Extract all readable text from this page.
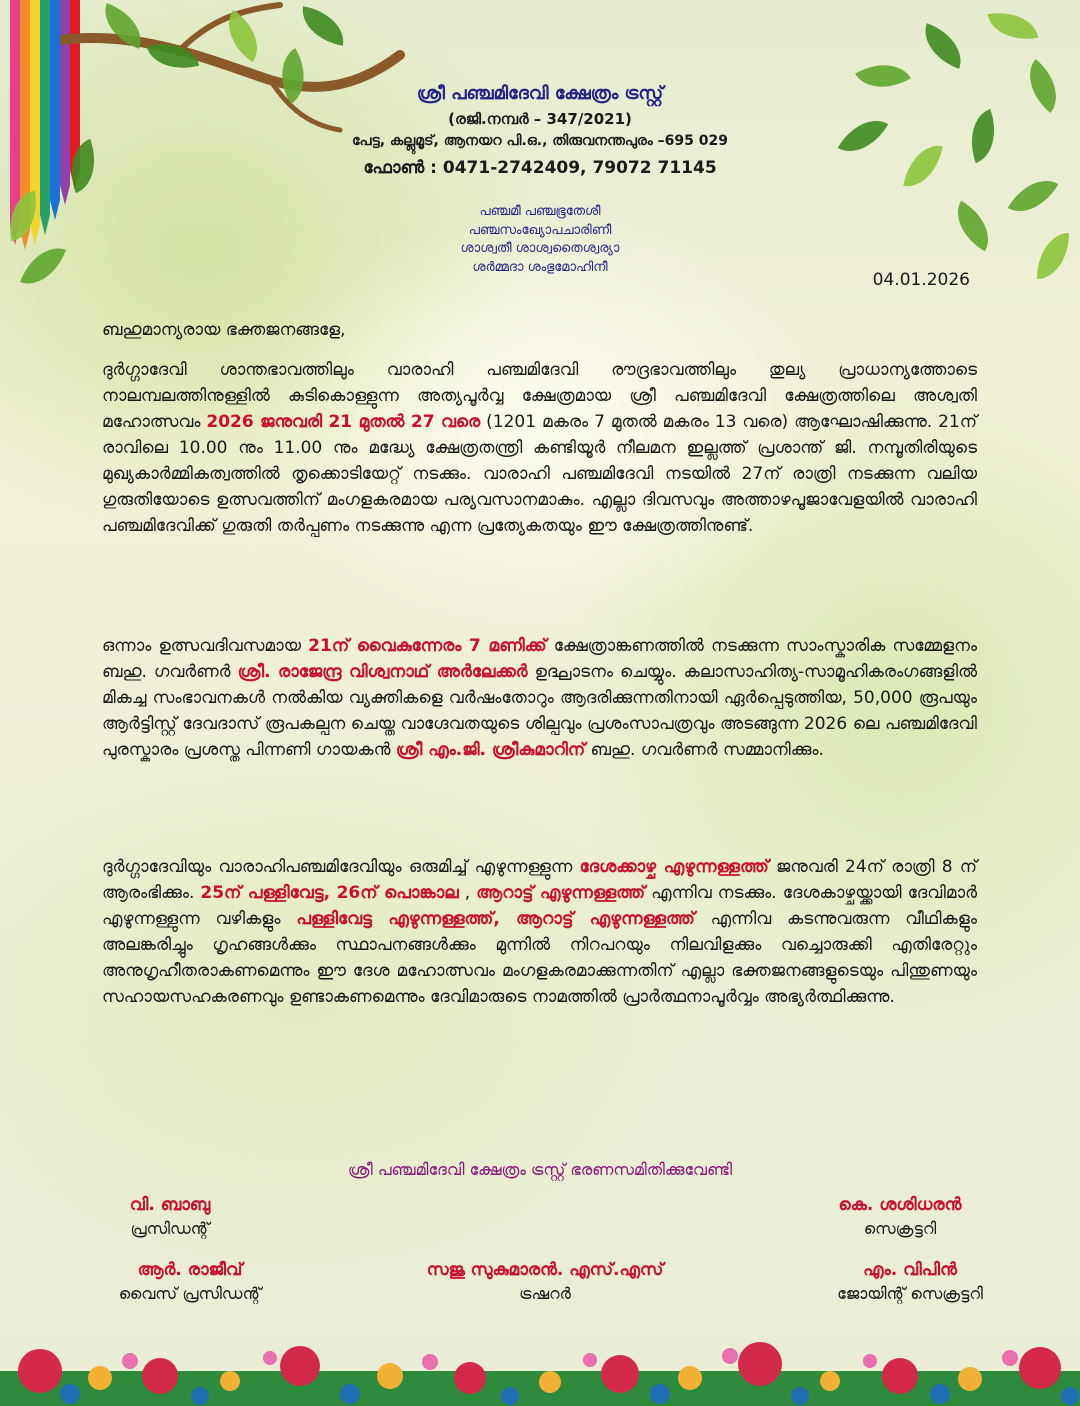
ശ്രീ പഞ്ചമിദേവി ക്ഷേത്രം ട്രസ്റ്റ്
(രജി.നമ്പർ – 347/2021)
പേട്ട, കല്ലുമൂട്, ആനയറ പി.ഒ., തിരുവനന്തപുരം –695 029
ഫോൺ : 0471-2742409, 79072 71145
പഞ്ചമീ പഞ്ചഭൂതേശീ
പഞ്ചസംഖ്യോപചാരിണീ
ശാശ്വതീ ശാശ്വതൈശ്വര്യാ
ശർമ്മദാ ശംഭുമോഹിനീ
04.01.2026
ബഹുമാന്യരായ ഭക്തജനങ്ങളേ,

ദുർഗ്ഗാദേവി ശാന്തഭാവത്തിലും വാരാഹി പഞ്ചമിദേവി രൗദ്രഭാവത്തിലും തുല്യ പ്രാധാന്യത്തോടെ നാലമ്പലത്തിനുള്ളിൽ കുടികൊള്ളുന്ന അത്യപൂർവ്വ ക്ഷേത്രമായ ശ്രീ പഞ്ചമിദേവി ക്ഷേത്രത്തിലെ അശ്വതി മഹോത്സവം 2026 ജനുവരി 21 മുതൽ 27 വരെ (1201 മകരം 7 മുതൽ മകരം 13 വരെ) ആഘോഷിക്കുന്നു. 21ന് രാവിലെ 10.00 നും 11.00 നും മദ്ധ്യേ ക്ഷേത്രതന്ത്രി കണ്ടിയൂർ നീലമന ഇല്ലത്ത് പ്രശാന്ത് ജി. നമ്പൂതിരിയുടെ മുഖ്യകാർമ്മികത്വത്തിൽ തൃക്കൊടിയേറ്റ് നടക്കും. വാരാഹി പഞ്ചമിദേവി നടയിൽ 27ന് രാത്രി നടക്കുന്ന വലിയ ഗുരുതിയോടെ ഉത്സവത്തിന് മംഗളകരമായ പര്യവസാനമാകും. എല്ലാ ദിവസവും അത്താഴപൂജാവേളയിൽ വാരാഹി പഞ്ചമിദേവിക്ക് ഗുരുതി തർപ്പണം നടക്കുന്നു എന്ന പ്രത്യേകതയും ഈ ക്ഷേത്രത്തിനുണ്ട്.

ഒന്നാം ഉത്സവദിവസമായ 21ന് വൈകുന്നേരം 7 മണിക്ക് ക്ഷേത്രാങ്കണത്തിൽ നടക്കുന്ന സാംസ്കാരിക സമ്മേളനം ബഹു. ഗവർണർ ശ്രീ. രാജേന്ദ്ര വിശ്വനാഥ് അർലേക്കർ ഉദ്ഘാടനം ചെയ്യും. കലാസാഹിത്യ-സാമൂഹികരംഗങ്ങളിൽ മികച്ച സംഭാവനകൾ നൽകിയ വ്യക്തികളെ വർഷംതോറും ആദരിക്കുന്നതിനായി ഏർപ്പെടുത്തിയ, 50,000 രൂപയും ആർട്ടിസ്റ്റ് ദേവദാസ് രൂപകല്പന ചെയ്ത വാഗ്ദേവതയുടെ ശില്പവും പ്രശംസാപത്രവും അടങ്ങുന്ന 2026 ലെ പഞ്ചമിദേവി പുരസ്കാരം പ്രശസ്ത പിന്നണി ഗായകൻ ശ്രീ എം.ജി. ശ്രീകുമാറിന് ബഹു. ഗവർണർ സമ്മാനിക്കും.

ദുർഗ്ഗാദേവിയും വാരാഹിപഞ്ചമിദേവിയും ഒരുമിച്ച് എഴുന്നള്ളുന്ന ദേശക്കാഴ്ച എഴുന്നള്ളത്ത് ജനുവരി 24ന് രാത്രി 8 ന് ആരംഭിക്കും. 25ന് പള്ളിവേട്ട, 26ന് പൊങ്കാല , ആറാട്ട് എഴുന്നള്ളത്ത് എന്നിവ നടക്കും. ദേശകാഴ്ചയ്ക്കായി ദേവിമാർ എഴുന്നള്ളുന്ന വഴികളും പള്ളിവേട്ട എഴുന്നള്ളത്ത്, ആറാട്ട് എഴുന്നള്ളത്ത് എന്നിവ കടന്നുവരുന്ന വീഥികളും അലങ്കരിച്ചും ഗൃഹങ്ങൾക്കും സ്ഥാപനങ്ങൾക്കും മുന്നിൽ നിറപറയും നിലവിളക്കും വച്ചൊരുക്കി എതിരേറ്റും അനുഗൃഹീതരാകണമെന്നും ഈ ദേശ മഹോത്സവം മംഗളകരമാക്കുന്നതിന് എല്ലാ ഭക്തജനങ്ങളുടെയും പിന്തുണയും സഹായസഹകരണവും ഉണ്ടാകണമെന്നും ദേവിമാരുടെ നാമത്തിൽ പ്രാർത്ഥനാപൂർവ്വം അഭ്യർത്ഥിക്കുന്നു.

ശ്രീ പഞ്ചമിദേവി ക്ഷേത്രം ട്രസ്റ്റ് ഭരണസമിതിക്കുവേണ്ടി
വി. ബാബു
പ്രസിഡന്റ്
കെ. ശശിധരൻ
സെക്രട്ടറി
ആർ. രാജീവ്
വൈസ് പ്രസിഡന്റ്
സജു സുകുമാരൻ. എസ്.എസ്
ട്രഷറർ
എം. വിപിൻ
ജോയിന്റ് സെക്രട്ടറി
